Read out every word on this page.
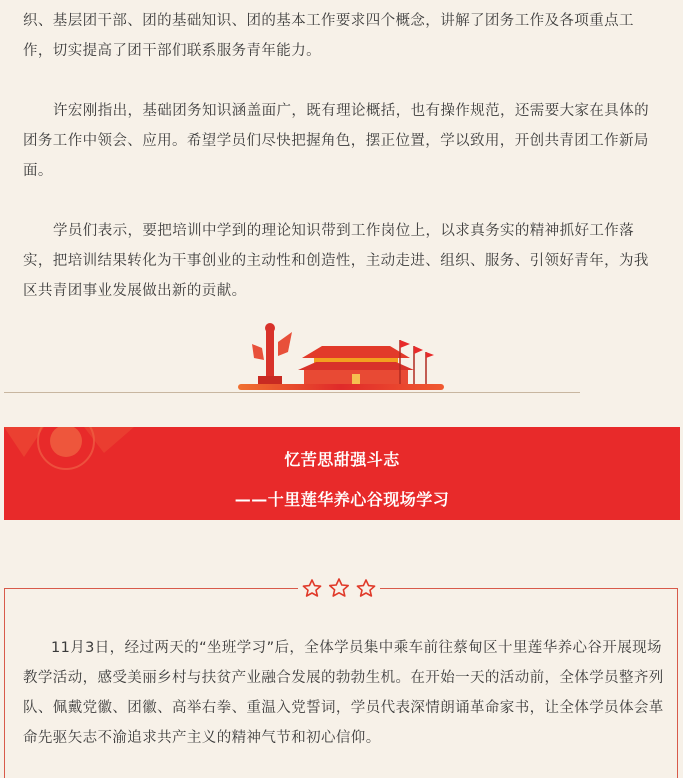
织、基层团干部、团的基础知识、团的基本工作要求四个概念，讲解了团务工作及各项重点工作，切实提高了团干部们联系服务青年能力。

许宏刚指出，基础团务知识涵盖面广，既有理论概括，也有操作规范，还需要大家在具体的团务工作中领会、应用。希望学员们尽快把握角色，摆正位置，学以致用，开创共青团工作新局面。

学员们表示，要把培训中学到的理论知识带到工作岗位上，以求真务实的精神抓好工作落实，把培训结果转化为干事创业的主动性和创造性，主动走进、组织、服务、引领好青年，为我区共青团事业发展做出新的贡献。

忆苦思甜强斗志
——十里莲华养心谷现场学习

11月3日，经过两天的“坐班学习”后，全体学员集中乘车前往蔡甸区十里莲华养心谷开展现场教学活动，感受美丽乡村与扶贫产业融合发展的勃勃生机。在开始一天的活动前，全体学员整齐列队、佩戴党徽、团徽、高举右拳、重温入党誓词，学员代表深情朗诵革命家书，让全体学员体会革命先驱矢志不渝追求共产主义的精神气节和初心信仰。
